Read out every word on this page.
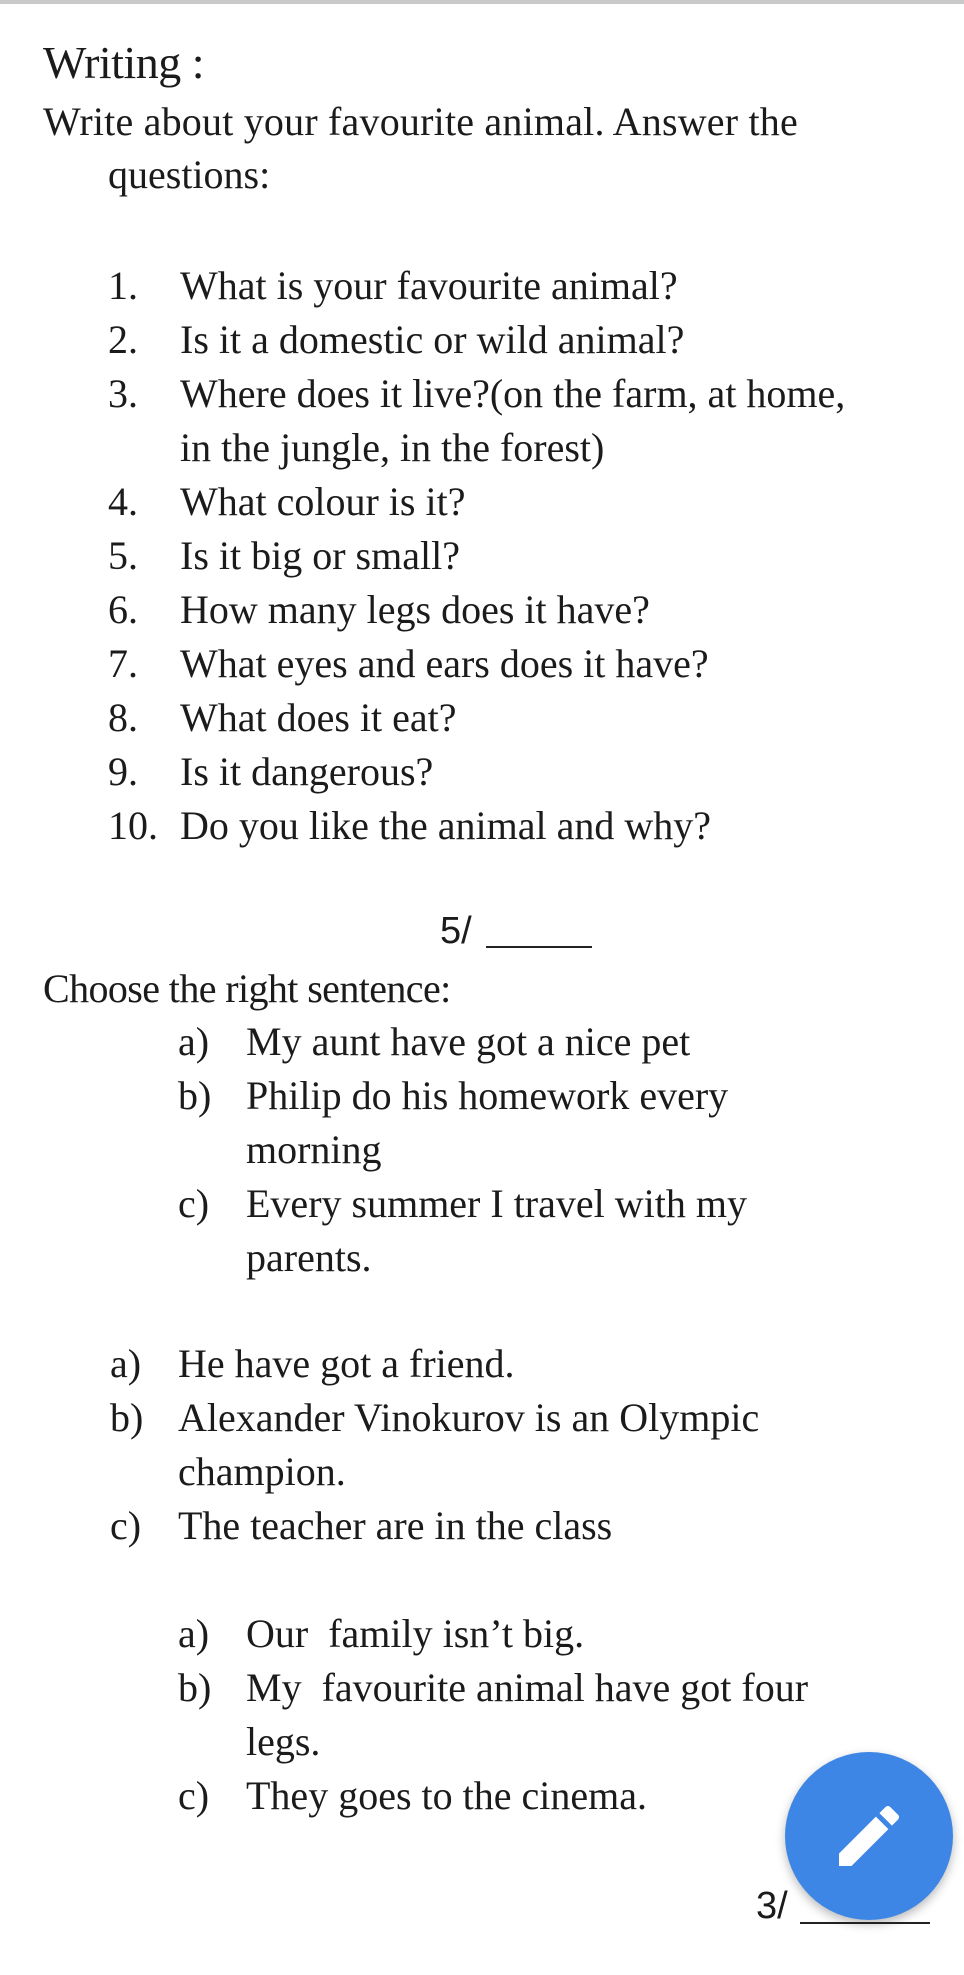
Writing :
Write about your favourite animal. Answer the
questions:
1. What is your favourite animal?
2. Is it a domestic or wild animal?
3. Where does it live?(on the farm, at home,
in the jungle, in the forest)
4. What colour is it?
5. Is it big or small?
6. How many legs does it have?
7. What eyes and ears does it have?
8. What does it eat?
9. Is it dangerous?
10. Do you like the animal and why?
5/
Choose the right sentence:
a) My aunt have got a nice pet
b) Philip do his homework every
morning
c) Every summer I travel with my
parents.
a) He have got a friend.
b) Alexander Vinokurov is an Olympic
champion.
c) The teacher are in the class
a) Our  family isn’t big.
b) My  favourite animal have got four
legs.
c) They goes to the cinema.
3/
